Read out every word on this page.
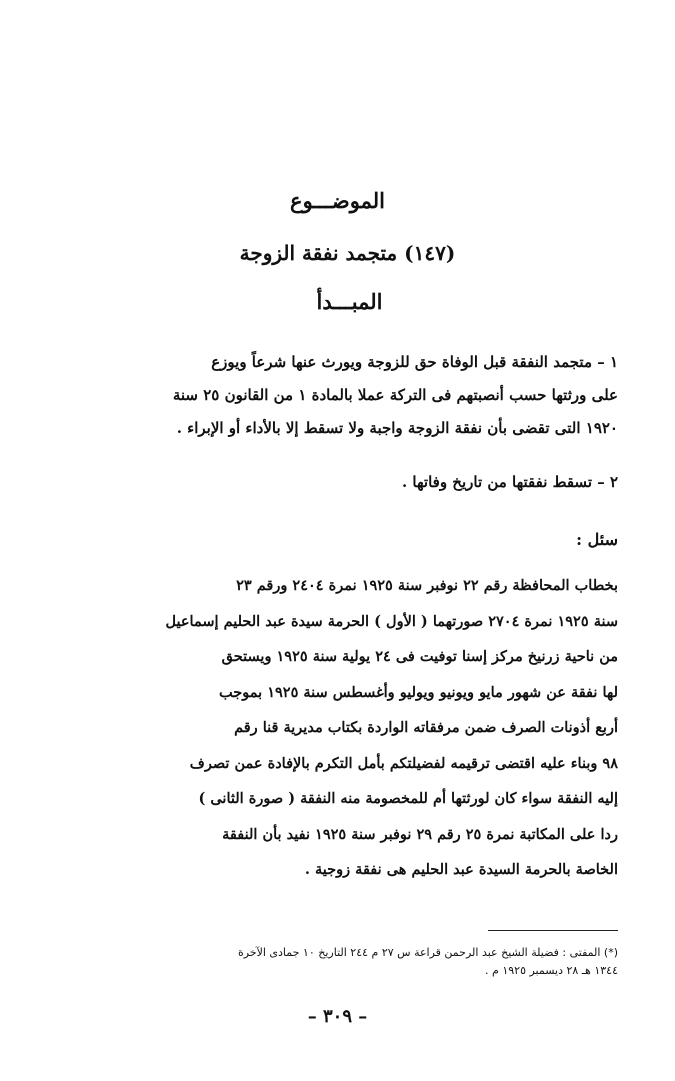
الموضـــوع
(١٤٧) متجمد نفقة الزوجة
المبـــدأ
١ – متجمد النفقة قبل الوفاة حق للزوجة ويورث عنها شرعاً ويوزع
على ورثتها حسب أنصبتهم فى التركة عملا بالمادة ١ من القانون ٢٥ سنة
١٩٢٠ التى تقضى بأن نفقة الزوجة واجبة ولا تسقط إلا بالأداء أو الإبراء .
٢ – تسقط نفقتها من تاريخ وفاتها .
سئل :
بخطاب المحافظة رقم ٢٢ نوفبر سنة ١٩٢٥ نمرة ٢٤٠٤ ورقم ٢٣
سنة ١٩٢٥ نمرة ٢٧٠٤ صورتهما ( الأول ) الحرمة سيدة عبد الحليم إسماعيل
من ناحية زرنيخ مركز إسنا توفيت فى ٢٤ يولية سنة ١٩٢٥ ويستحق
لها نفقة عن شهور مايو ويونيو ويوليو وأغسطس سنة ١٩٢٥ بموجب
أربع أذونات الصرف ضمن مرفقاته الواردة بكتاب مديرية قنا رقم
٩٨ وبناء عليه اقتضى ترقيمه لفضيلتكم بأمل التكرم بالإفادة عمن تصرف
إليه النفقة سواء كان لورثتها أم للمخصومة منه النفقة ( صورة الثانى )
ردا على المكاتبة نمرة ٢٥ رقم ٢٩ نوفبر سنة ١٩٢٥ نفيد بأن النفقة
الخاصة بالحرمة السيدة عبد الحليم هى نفقة زوجية .
(*) المفتى : فضيلة الشيخ عبد الرحمن قراعة س ٢٧ م ٢٤٤ التاريخ ١٠ جمادى الآخرة
١٣٤٤ هـ ٢٨ ديسمبر ١٩٢٥ م .
– ٣٠٩ –
